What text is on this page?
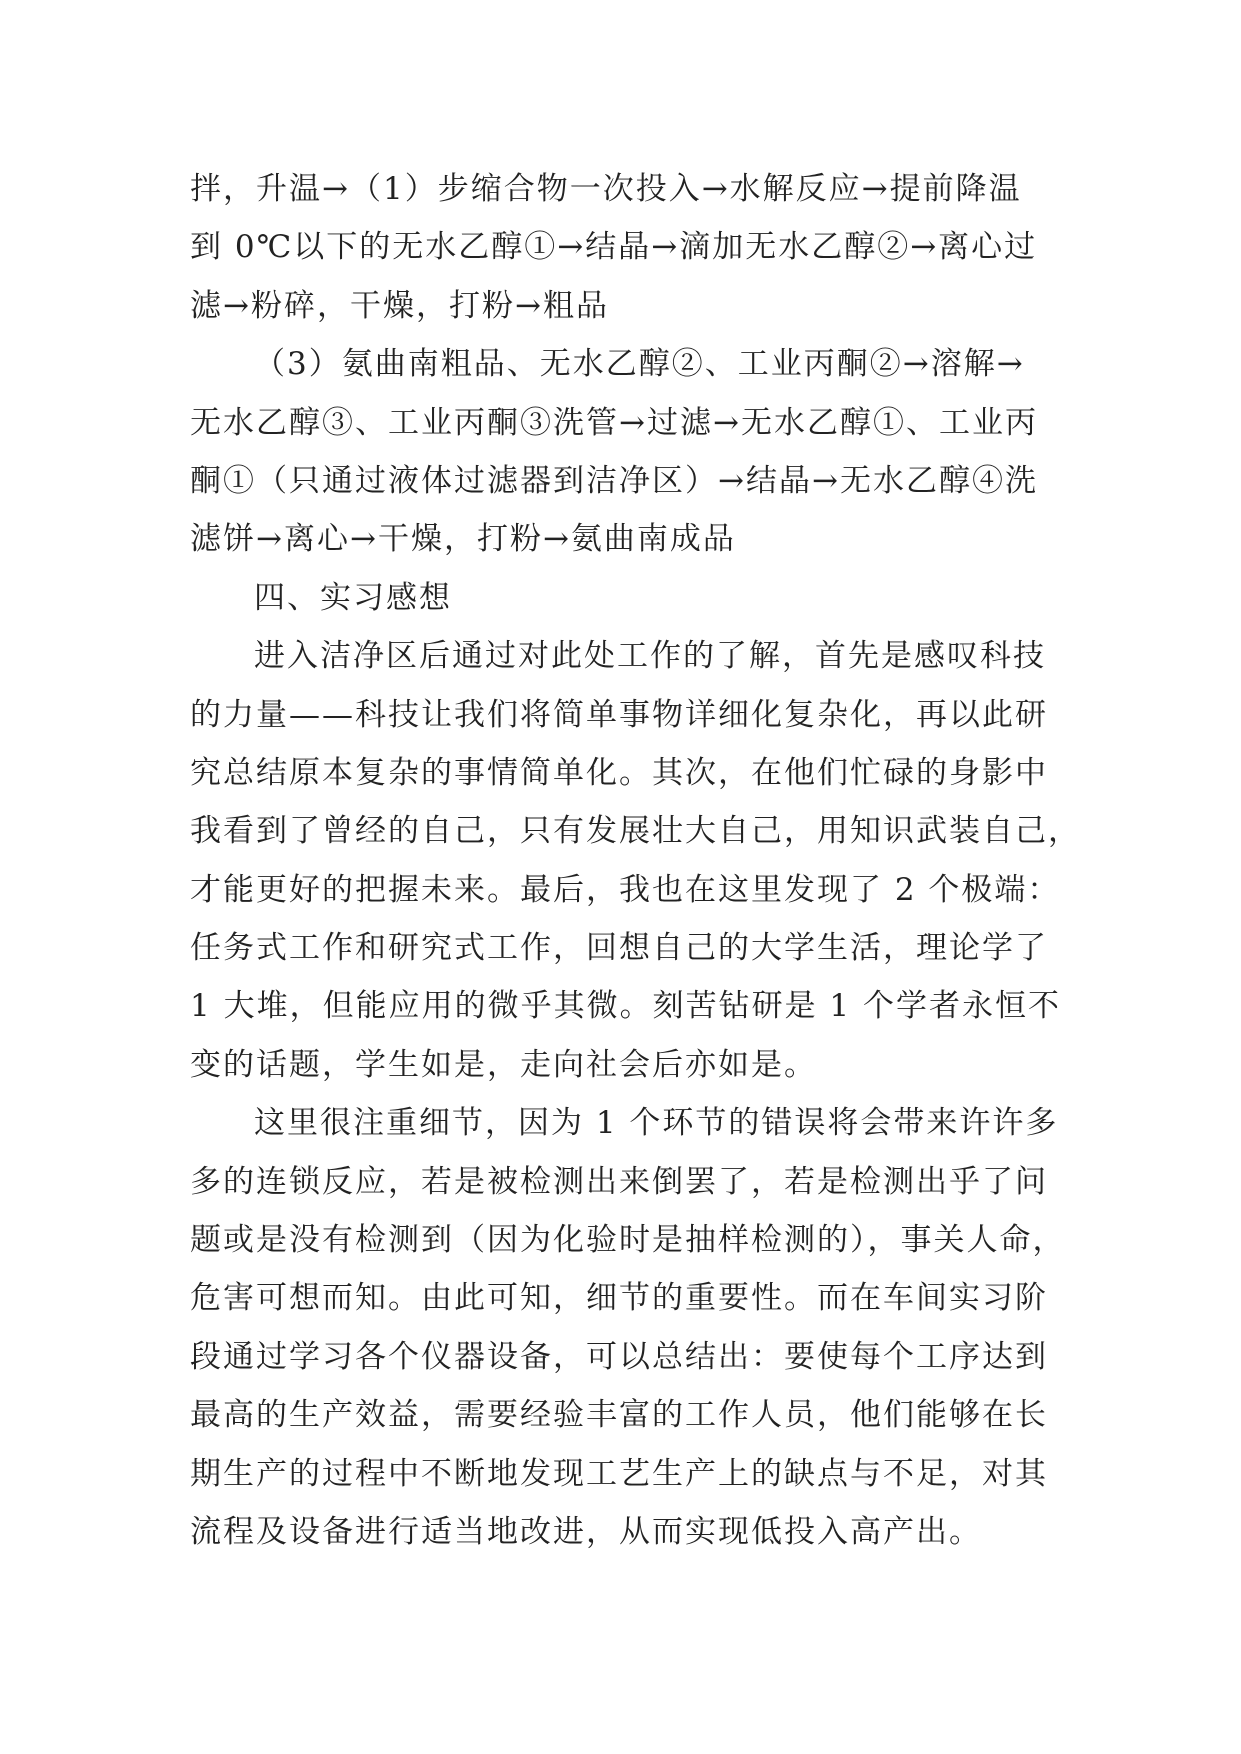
拌，升温→（1）步缩合物一次投入→水解反应→提前降温
到 0℃以下的无水乙醇①→结晶→滴加无水乙醇②→离心过
滤→粉碎，干燥，打粉→粗品
（3）氨曲南粗品、无水乙醇②、工业丙酮②→溶解→
无水乙醇③、工业丙酮③洗管→过滤→无水乙醇①、工业丙
酮①（只通过液体过滤器到洁净区）→结晶→无水乙醇④洗
滤饼→离心→干燥，打粉→氨曲南成品
四、实习感想
进入洁净区后通过对此处工作的了解，首先是感叹科技
的力量——科技让我们将简单事物详细化复杂化，再以此研
究总结原本复杂的事情简单化。其次，在他们忙碌的身影中
我看到了曾经的自己，只有发展壮大自己，用知识武装自己，
才能更好的把握未来。最后，我也在这里发现了 2 个极端：
任务式工作和研究式工作，回想自己的大学生活，理论学了
1 大堆，但能应用的微乎其微。刻苦钻研是 1 个学者永恒不
变的话题，学生如是，走向社会后亦如是。
这里很注重细节，因为 1 个环节的错误将会带来许许多
多的连锁反应，若是被检测出来倒罢了，若是检测出乎了问
题或是没有检测到（因为化验时是抽样检测的），事关人命，
危害可想而知。由此可知，细节的重要性。而在车间实习阶
段通过学习各个仪器设备，可以总结出：要使每个工序达到
最高的生产效益，需要经验丰富的工作人员，他们能够在长
期生产的过程中不断地发现工艺生产上的缺点与不足，对其
流程及设备进行适当地改进，从而实现低投入高产出。
